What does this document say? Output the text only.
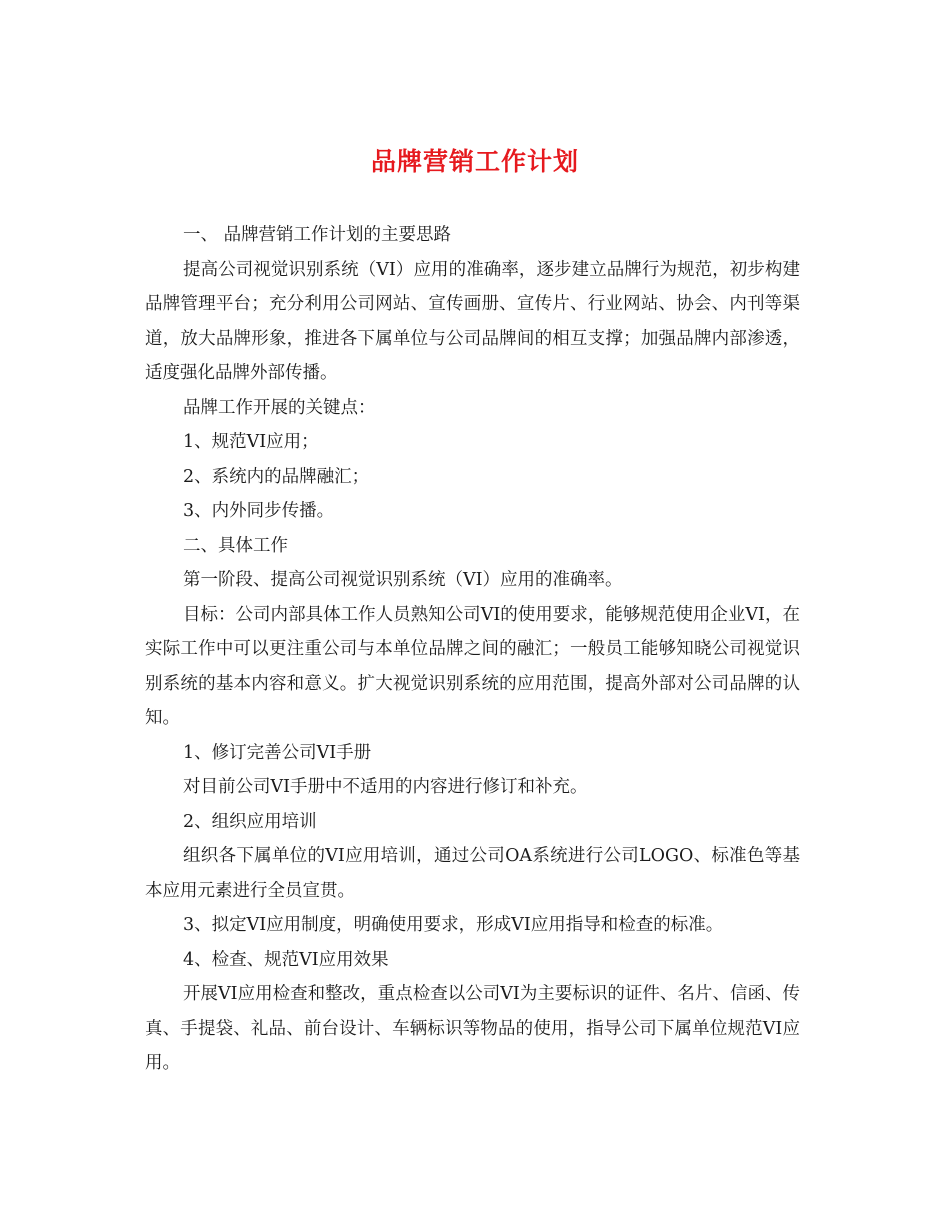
品牌营销工作计划

一、 品牌营销工作计划的主要思路

提高公司视觉识别系统（VI）应用的准确率，逐步建立品牌行为规范，初步构建品牌管理平台；充分利用公司网站、宣传画册、宣传片、行业网站、协会、内刊等渠道，放大品牌形象，推进各下属单位与公司品牌间的相互支撑；加强品牌内部渗透，适度强化品牌外部传播。

品牌工作开展的关键点：

1、规范VI应用；

2、系统内的品牌融汇；

3、内外同步传播。

二、具体工作

第一阶段、提高公司视觉识别系统（VI）应用的准确率。

目标：公司内部具体工作人员熟知公司VI的使用要求，能够规范使用企业VI，在实际工作中可以更注重公司与本单位品牌之间的融汇；一般员工能够知晓公司视觉识别系统的基本内容和意义。扩大视觉识别系统的应用范围，提高外部对公司品牌的认知。

1、修订完善公司VI手册

对目前公司VI手册中不适用的内容进行修订和补充。

2、组织应用培训

组织各下属单位的VI应用培训，通过公司OA系统进行公司LOGO、标准色等基本应用元素进行全员宣贯。

3、拟定VI应用制度，明确使用要求，形成VI应用指导和检查的标准。

4、检查、规范VI应用效果

开展VI应用检查和整改，重点检查以公司VI为主要标识的证件、名片、信函、传真、手提袋、礼品、前台设计、车辆标识等物品的使用，指导公司下属单位规范VI应用。
